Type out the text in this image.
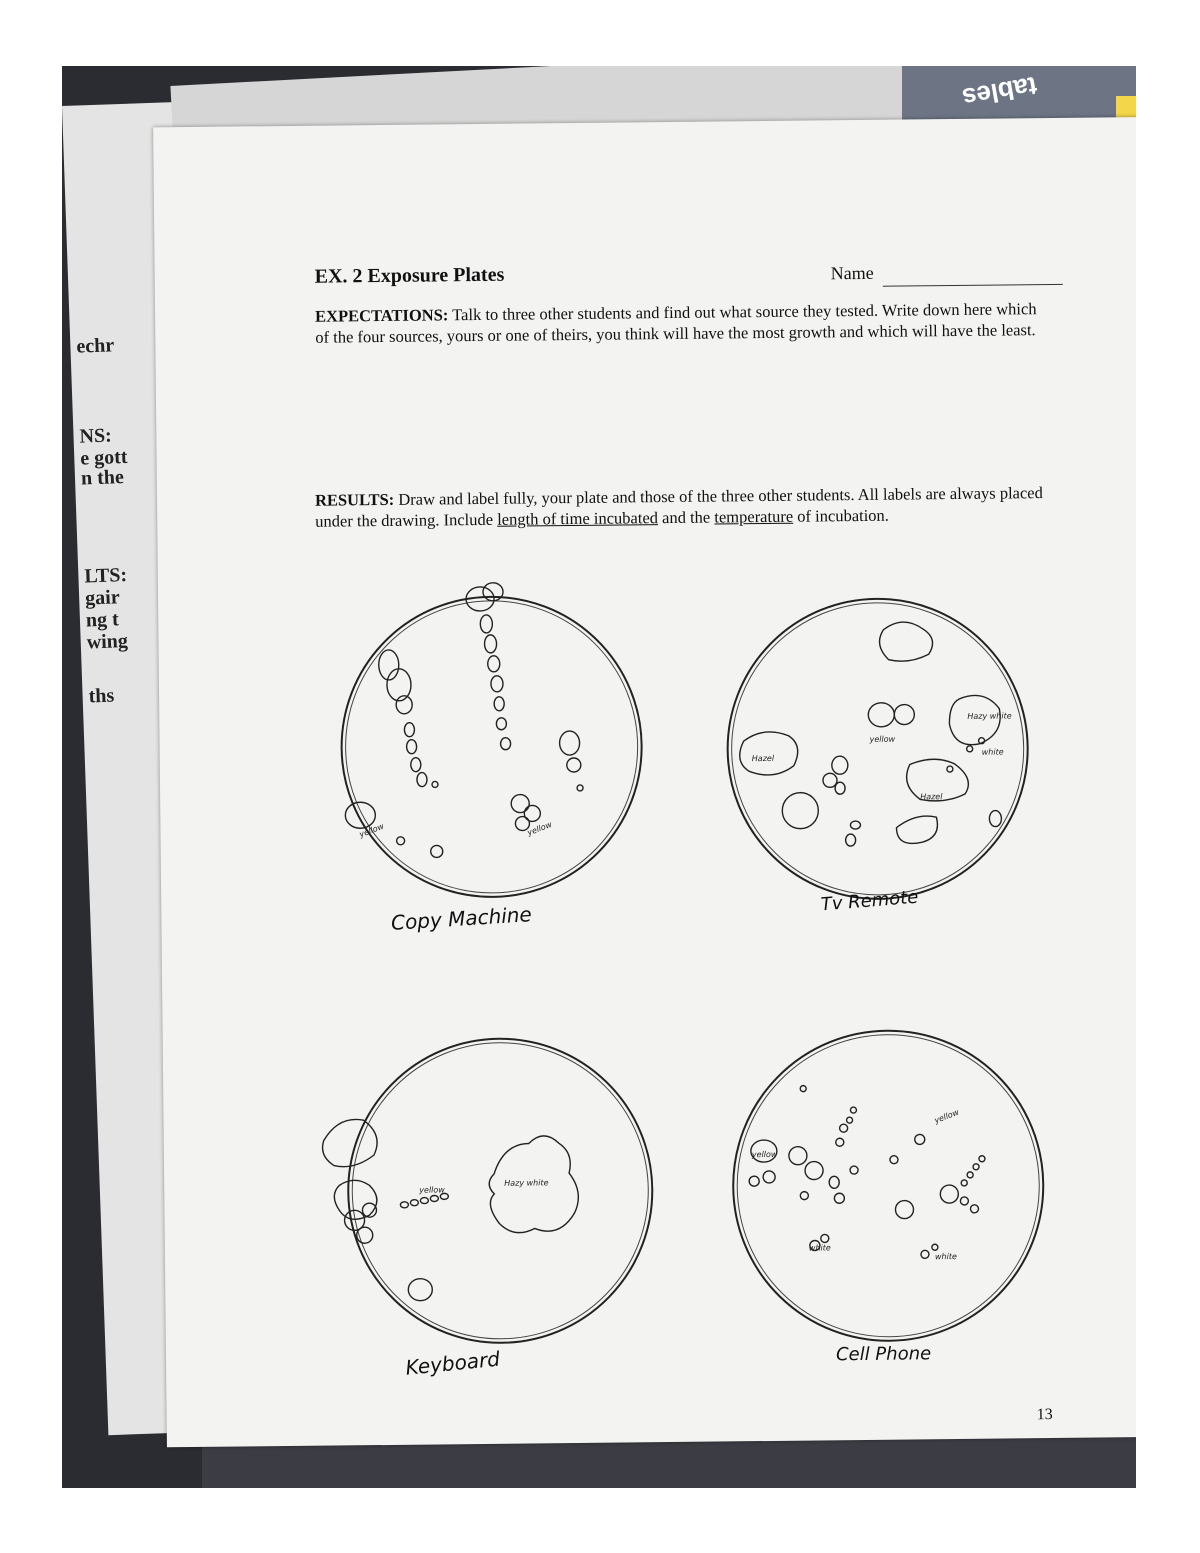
echr
NS:
e gott
n the
LTS:
gair
ng t
wing
ths
tables
EX. 2 Exposure Plates	Name
EXPECTATIONS: Talk to three other students and find out what source they tested. Write down here which of the four sources, yours or one of theirs, you think will have the most growth and which will have the least.
RESULTS: Draw and label fully, your plate and those of the three other students. All labels are always placed under the drawing. Include length of time incubated and the temperature of incubation.
yellow	yellow
Copy Machine
Hazy white
Hazel
yellow
white
Hazel
Tv Remote
yellow
Hazy white
Keyboard
yellow
yellow
white
white
Cell Phone
13
